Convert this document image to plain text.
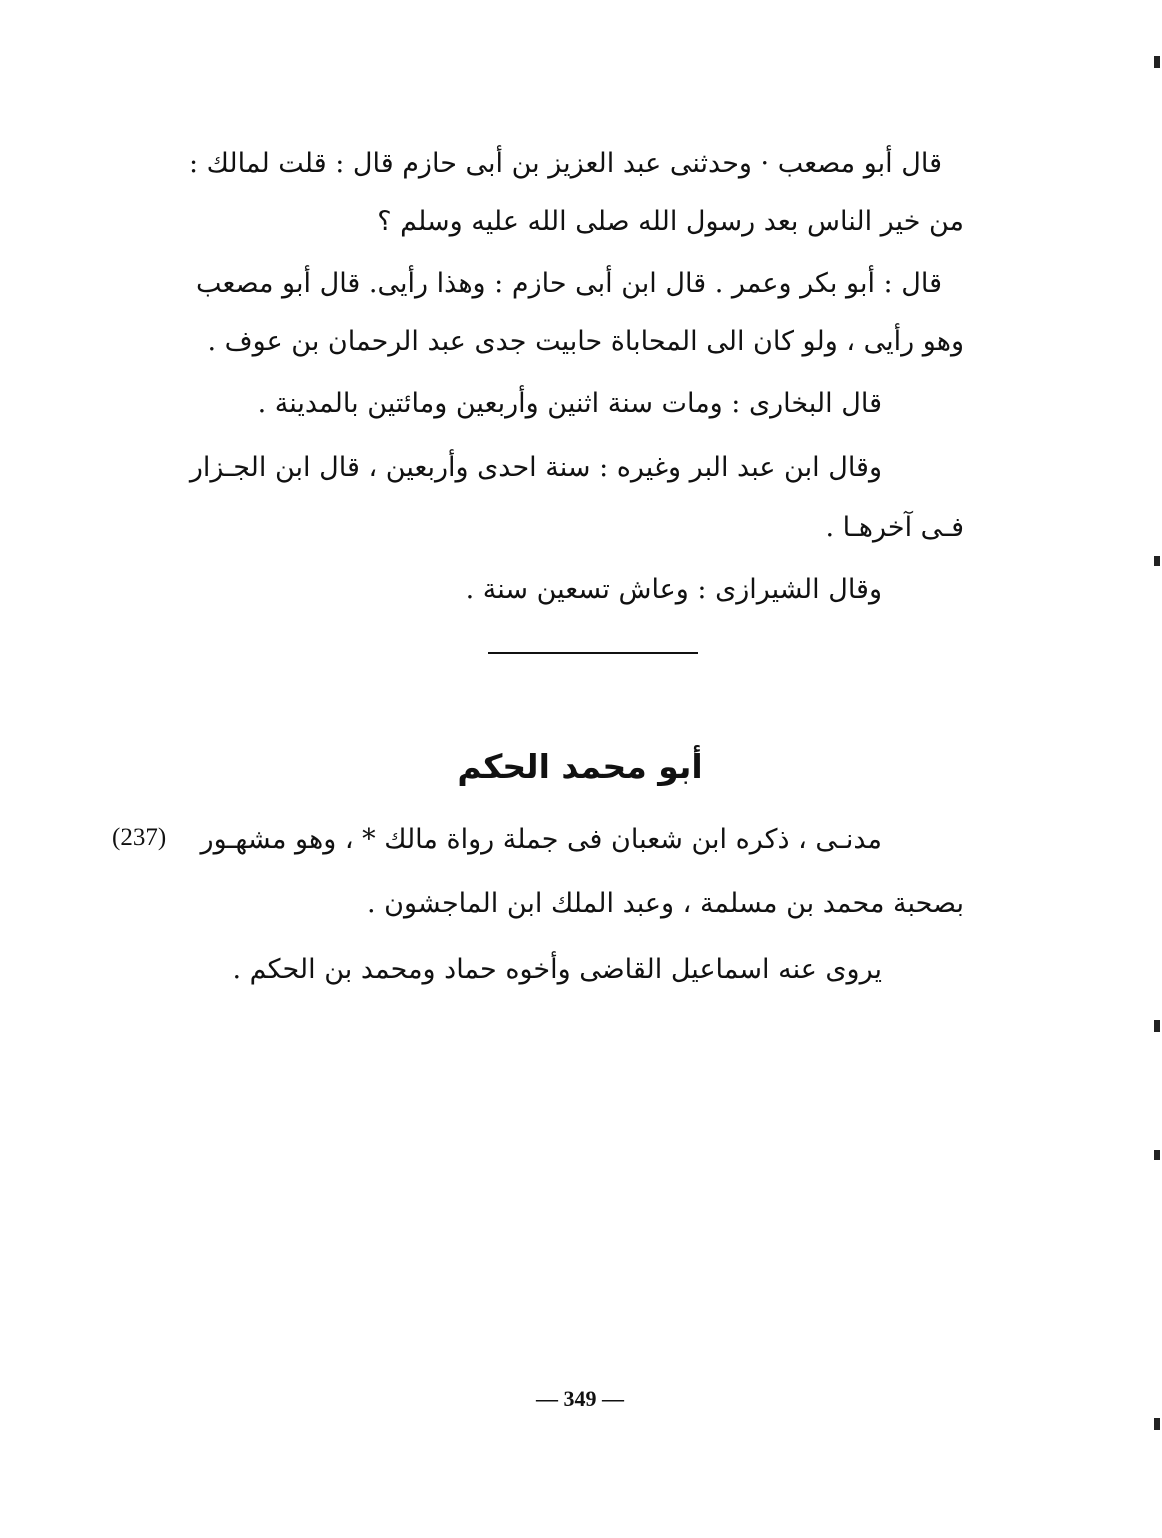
قال أبو مصعب · وحدثنى عبد العزيز بن أبى حازم قال : قلت لمالك :
من خير الناس بعد رسول الله صلى الله عليه وسلم ؟
قال : أبو بكر وعمر . قال ابن أبى حازم : وهذا رأيى. قال أبو مصعب
وهو رأيى ، ولو كان الى المحاباة حابيت جدى عبد الرحمان بن عوف .
قال البخارى : ومات سنة اثنين وأربعين ومائتين بالمدينة .
وقال ابن عبد البر وغيره : سنة احدى وأربعين ، قال ابن الجـزار
فـى آخرهـا .
وقال الشيرازى : وعاش تسعين سنة .
أبو محمد الحكم
(237) مدنـى ، ذكره ابن شعبان فى جملة رواة مالك * ، وهو مشهـور
بصحبة محمد بن مسلمة ، وعبد الملك ابن الماجشون .
يروى عنه اسماعيل القاضى وأخوه حماد ومحمد بن الحكم .
— 349 —
